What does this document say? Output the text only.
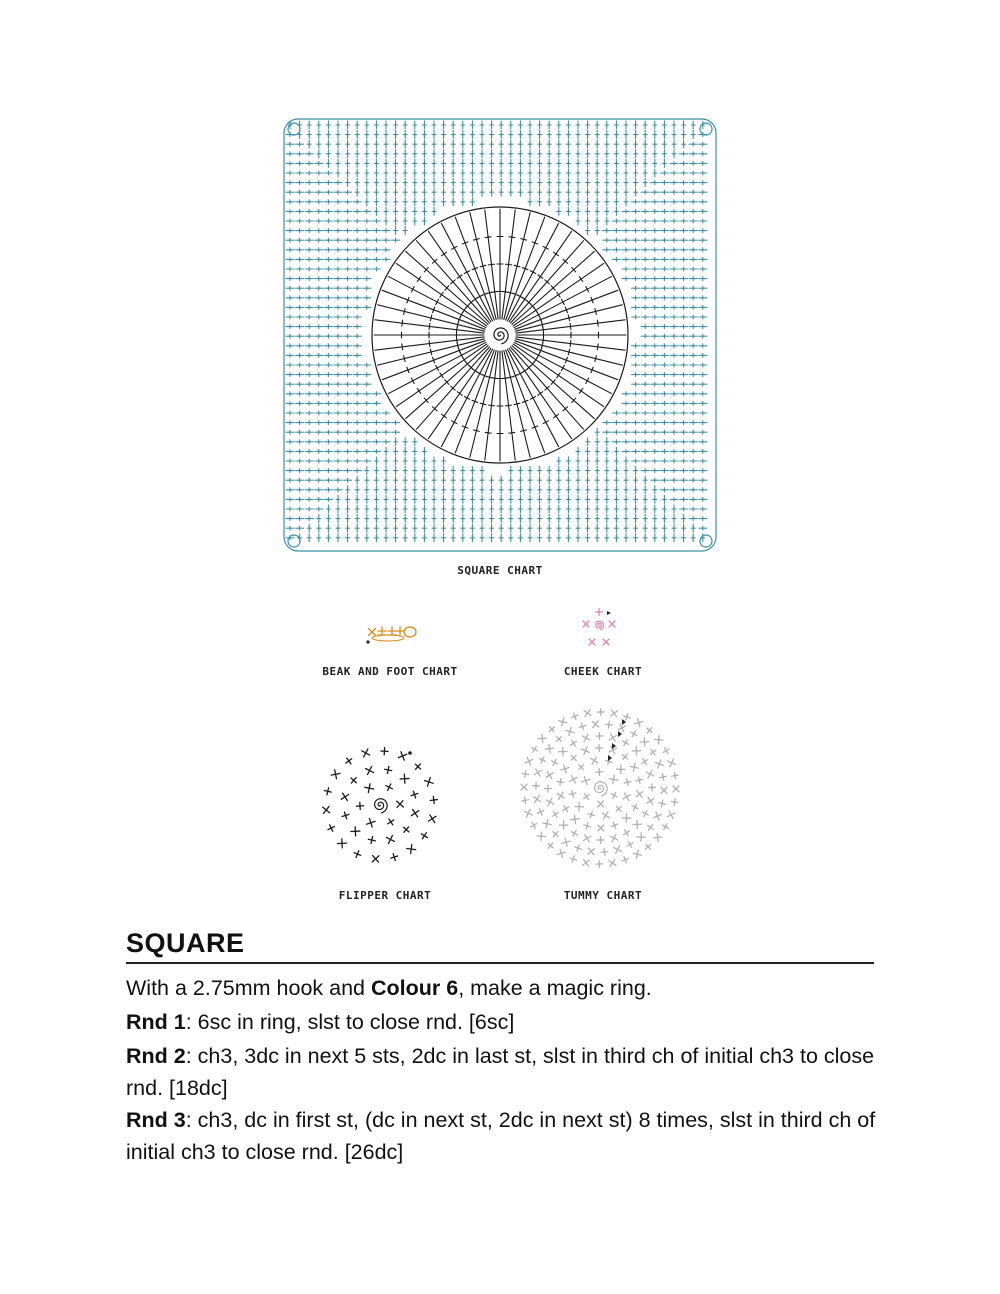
SQUARE CHART
BEAK AND FOOT CHART	CHEEK CHART
FLIPPER CHART	TUMMY CHART
SQUARE
With a 2.75mm hook and Colour 6, make a magic ring.
Rnd 1: 6sc in ring, slst to close rnd. [6sc]
Rnd 2: ch3, 3dc in next 5 sts, 2dc in last st, slst in third ch of initial ch3 to close rnd. [18dc]
Rnd 3: ch3, dc in first st, (dc in next st, 2dc in next st) 8 times, slst in third ch of initial ch3 to close rnd. [26dc]
